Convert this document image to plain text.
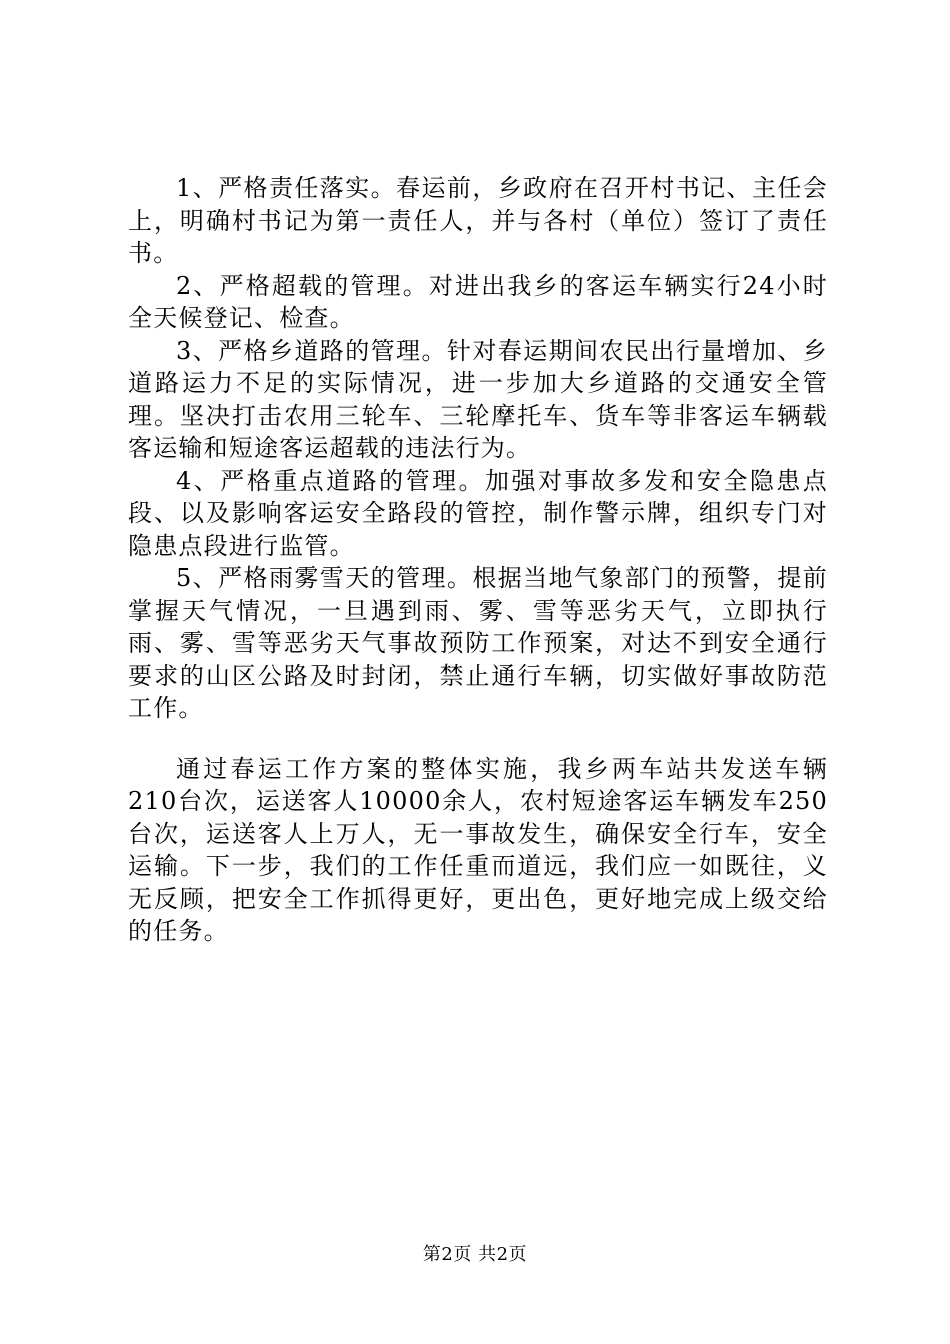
1、严格责任落实。春运前，乡政府在召开村书记、主任会上，明确村书记为第一责任人，并与各村（单位）签订了责任书。

2、严格超载的管理。对进出我乡的客运车辆实行24小时全天候登记、检查。

3、严格乡道路的管理。针对春运期间农民出行量增加、乡道路运力不足的实际情况，进一步加大乡道路的交通安全管理。坚决打击农用三轮车、三轮摩托车、货车等非客运车辆载客运输和短途客运超载的违法行为。

4、严格重点道路的管理。加强对事故多发和安全隐患点段、以及影响客运安全路段的管控，制作警示牌，组织专门对隐患点段进行监管。

5、严格雨雾雪天的管理。根据当地气象部门的预警，提前掌握天气情况，一旦遇到雨、雾、雪等恶劣天气，立即执行雨、雾、雪等恶劣天气事故预防工作预案，对达不到安全通行要求的山区公路及时封闭，禁止通行车辆，切实做好事故防范工作。

通过春运工作方案的整体实施，我乡两车站共发送车辆210台次，运送客人10000余人，农村短途客运车辆发车250台次，运送客人上万人，无一事故发生，确保安全行车，安全运输。下一步，我们的工作任重而道远，我们应一如既往，义无反顾，把安全工作抓得更好，更出色，更好地完成上级交给的任务。

第2页 共2页
